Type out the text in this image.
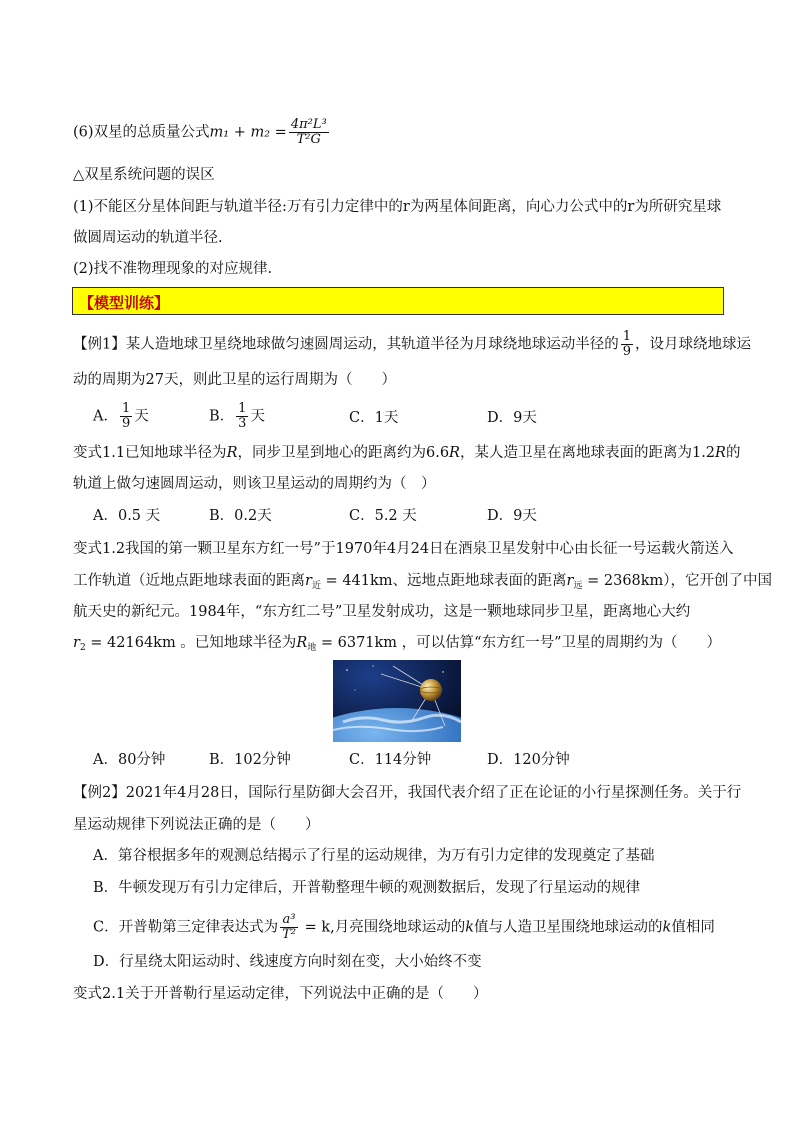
(6)双星的总质量公式$m_1 + m_2 = \frac{\text{4π²L³}}{\text{T²G}}$
△双星系统问题的误区
(1)不能区分星体间距与轨道半径:万有引力定律中的r为两星体间距离，向心力公式中的r为所研究星球
做圆周运动的轨道半径.
(2)找不准物理现象的对应规律.
【模型训练】
【例1】某人造地球卫星绕地球做匀速圆周运动，其轨道半径为月球绕地球运动半径的 $\frac{1}{9}$ ，设月球绕地球运
动的周期为27天，则此卫星的运行周期为（　　）
A． $\frac{1}{9}$ 天	B． $\frac{1}{3}$ 天	C．1天	D．9天
变式1.1已知地球半径为R，同步卫星到地心的距离约为6.6R，某人造卫星在离地球表面的距离为1.2R的
轨道上做匀速圆周运动，则该卫星运动的周期约为（　）
A．0.5 天	B．0.2天	C．5.2 天	D．9天
变式1.2我国的第一颗卫星东方红一号”于1970年4月24日在酒泉卫星发射中心由长征一号运载火箭送入
工作轨道（近地点距地球表面的距离$r_近 = 441km$、远地点距地球表面的距离$r_远 = 2368km$），它开创了中国
航天史的新纪元。1984年，“东方红二号”卫星发射成功，这是一颗地球同步卫星，距离地心大约
$r_2 = 42164km$ 。已知地球半径为$R_地 = 6371km$ ，可以估算“东方红一号”卫星的周期约为（　　）
A．80分钟	B．102分钟	C．114分钟	D．120分钟
【例2】2021年4月28日，国际行星防御大会召开，我国代表介绍了正在论证的小行星探测任务。关于行
星运动规律下列说法正确的是（　　）
A．第谷根据多年的观测总结揭示了行星的运动规律，为万有引力定律的发现奠定了基础
B．牛顿发现万有引力定律后，开普勒整理牛顿的观测数据后，发现了行星运动的规律
C．开普勒第三定律表达式为 $\frac{\text{a³}}{\text{T²}} = k$,月亮围绕地球运动的k值与人造卫星围绕地球运动的k值相同
D．行星绕太阳运动时、线速度方向时刻在变，大小始终不变
变式2.1关于开普勒行星运动定律，下列说法中正确的是（　　）
